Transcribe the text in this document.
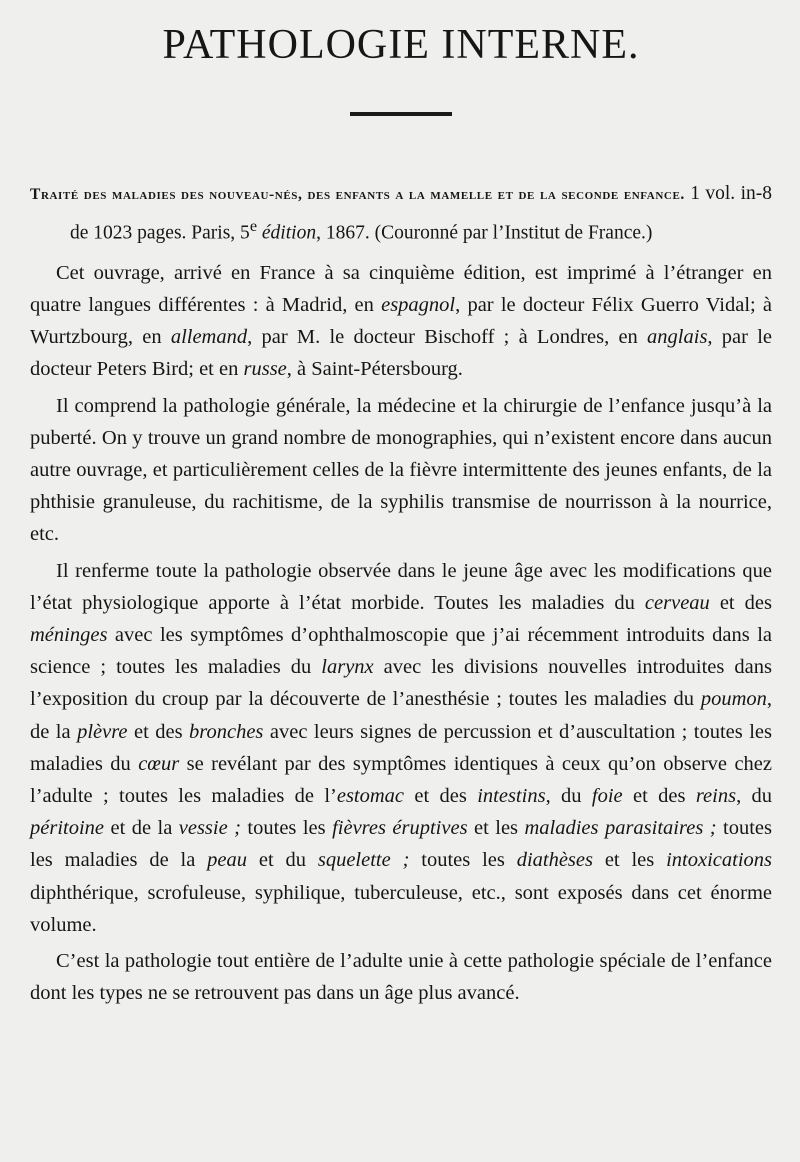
PATHOLOGIE INTERNE.
Traité des maladies des nouveau-nés, des enfants a la mamelle et de la seconde enfance. 1 vol. in-8 de 1023 pages. Paris, 5e édition, 1867. (Couronné par l’Institut de France.)

Cet ouvrage, arrivé en France à sa cinquième édition, est imprimé à l’étranger en quatre langues différentes : à Madrid, en espagnol, par le docteur Félix Guerro Vidal; à Wurtzbourg, en allemand, par M. le docteur Bischoff ; à Londres, en anglais, par le docteur Peters Bird; et en russe, à Saint-Pétersbourg.

Il comprend la pathologie générale, la médecine et la chirurgie de l’enfance jusqu’à la puberté. On y trouve un grand nombre de monographies, qui n’existent encore dans aucun autre ouvrage, et particulièrement celles de la fièvre intermittente des jeunes enfants, de la phthisie granuleuse, du rachitisme, de la syphilis transmise de nourrisson à la nourrice, etc.

Il renferme toute la pathologie observée dans le jeune âge avec les modifications que l’état physiologique apporte à l’état morbide. Toutes les maladies du cerveau et des méninges avec les symptômes d’ophthalmoscopie que j’ai récemment introduits dans la science ; toutes les maladies du larynx avec les divisions nouvelles introduites dans l’exposition du croup par la découverte de l’anesthésie ; toutes les maladies du poumon, de la plèvre et des bronches avec leurs signes de percussion et d’auscultation ; toutes les maladies du cœur se revélant par des symptômes identiques à ceux qu’on observe chez l’adulte ; toutes les maladies de l’estomac et des intestins, du foie et des reins, du péritoine et de la vessie ; toutes les fièvres éruptives et les maladies parasitaires ; toutes les maladies de la peau et du squelette ; toutes les diathèses et les intoxications diphthérique, scrofuleuse, syphilique, tuberculeuse, etc., sont exposés dans cet énorme volume.

C’est la pathologie tout entière de l’adulte unie à cette pathologie spéciale de l’enfance dont les types ne se retrouvent pas dans un âge plus avancé.
